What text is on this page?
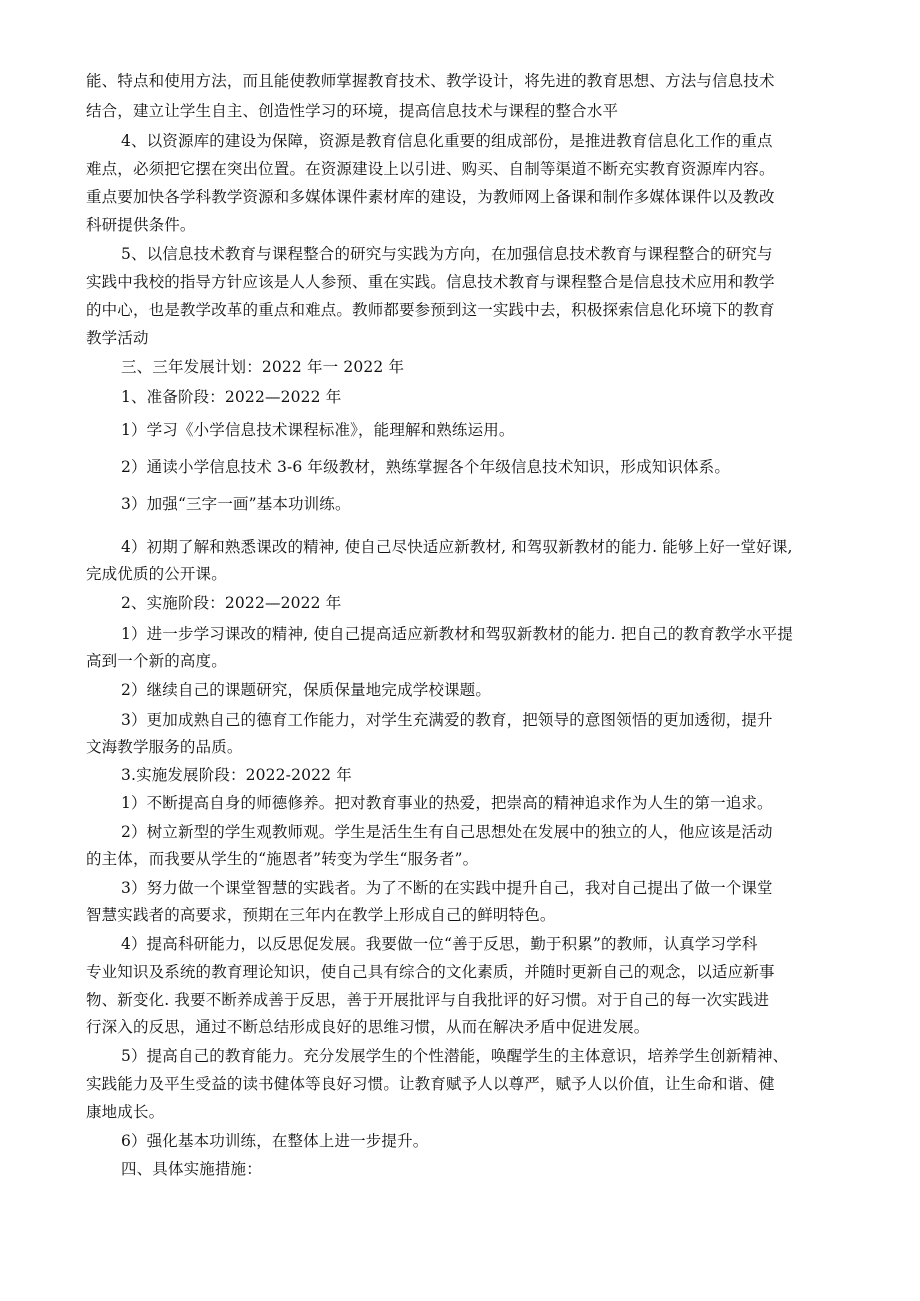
能、特点和使用方法，而且能使教师掌握教育技术、教学设计，将先进的教育思想、方法与信息技术
结合，建立让学生自主、创造性学习的环境，提高信息技术与课程的整合水平
4、以资源库的建设为保障，资源是教育信息化重要的组成部份，是推进教育信息化工作的重点
难点，必须把它摆在突出位置。在资源建设上以引进、购买、自制等渠道不断充实教育资源库内容。
重点要加快各学科教学资源和多媒体课件素材库的建设，为教师网上备课和制作多媒体课件以及教改
科研提供条件。
5、以信息技术教育与课程整合的研究与实践为方向，在加强信息技术教育与课程整合的研究与
实践中我校的指导方针应该是人人参预、重在实践。信息技术教育与课程整合是信息技术应用和教学
的中心，也是教学改革的重点和难点。教师都要参预到这一实践中去，积极探索信息化环境下的教育
教学活动
三、三年发展计划：2022 年一 2022 年
1、准备阶段：2022—2022 年
1）学习《小学信息技术课程标准》，能理解和熟练运用。
2）通读小学信息技术 3-6 年级教材，熟练掌握各个年级信息技术知识，形成知识体系。
3）加强“三字一画”基本功训练。
4）初期了解和熟悉课改的精神, 使自己尽快适应新教材, 和驾驭新教材的能力. 能够上好一堂好课,
完成优质的公开课。
2、实施阶段：2022—2022 年
1）进一步学习课改的精神, 使自己提高适应新教材和驾驭新教材的能力. 把自己的教育教学水平提
高到一个新的高度。
2）继续自己的课题研究，保质保量地完成学校课题。
3）更加成熟自己的德育工作能力，对学生充满爱的教育，把领导的意图领悟的更加透彻，提升
文海教学服务的品质。
3.实施发展阶段：2022-2022 年
1）不断提高自身的师德修养。把对教育事业的热爱，把崇高的精神追求作为人生的第一追求。
2）树立新型的学生观教师观。学生是活生生有自己思想处在发展中的独立的人，他应该是活动
的主体，而我要从学生的“施恩者”转变为学生“服务者”。
3）努力做一个课堂智慧的实践者。为了不断的在实践中提升自己，我对自己提出了做一个课堂
智慧实践者的高要求，预期在三年内在教学上形成自己的鲜明特色。
4）提高科研能力，以反思促发展。我要做一位“善于反思，勤于积累”的教师，认真学习学科
专业知识及系统的教育理论知识，使自己具有综合的文化素质，并随时更新自己的观念，以适应新事
物、新变化. 我要不断养成善于反思，善于开展批评与自我批评的好习惯。对于自己的每一次实践进
行深入的反思，通过不断总结形成良好的思维习惯，从而在解决矛盾中促进发展。
5）提高自己的教育能力。充分发展学生的个性潜能，唤醒学生的主体意识，培养学生创新精神、
实践能力及平生受益的读书健体等良好习惯。让教育赋予人以尊严，赋予人以价值，让生命和谐、健
康地成长。
6）强化基本功训练，在整体上进一步提升。
四、具体实施措施：
